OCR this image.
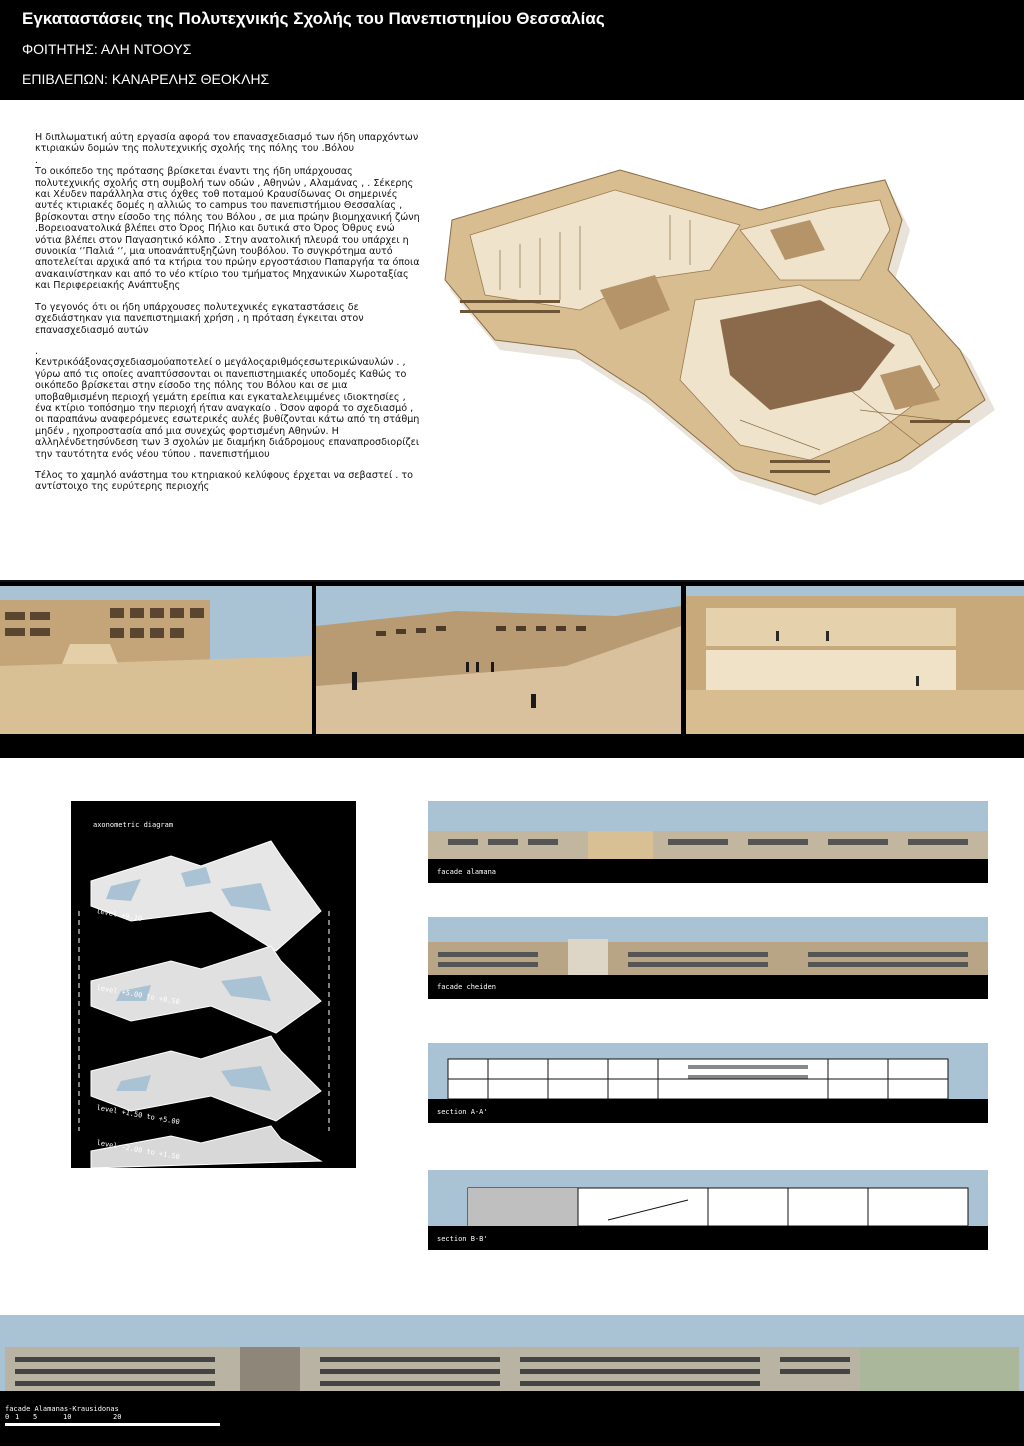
Εγκαταστάσεις της Πολυτεχνικής Σχολής του Πανεπιστημίου Θεσσαλίας
ΦΟΙΤΗΤΗΣ: ΑΛΗ ΝΤΟΟΥΣ
ΕΠΙΒΛΕΠΩΝ: ΚΑΝΑΡΕΛΗΣ ΘΕΟΚΛΗΣ

Η διπλωματική αύτη εργασία αφορά τον επανασχεδιασμό των ήδη υπαρχόντων κτιριακών δομών της πολυτεχνικής σχολής της πόλης του .Βόλου
.
Το οικόπεδο της πρότασης βρίσκεται έναντι της ήδη υπάρχουσας πολυτεχνικής σχολής στη συμβολή των οδών , Αθηνών , Αλαμάνας , . Σέκερης και Χέυδεν παράλληλα στις όχθες τοθ ποταμού Κραυσίδωνας Οι σημερινές αυτές κτιριακές δομές η αλλιώς το campus του πανεπιστήμιου Θεσσαλίας , βρίσκονται στην είσοδο της πόλης του Βόλου , σε μια πρώην βιομηχανική ζώνη .Βορειοανατολικά βλέπει στο Όρος Πήλιο και δυτικά στο Όρος Όθρυς ενώ νότια βλέπει στον Παγασητικό κόλπο . Στην ανατολική πλευρά του υπάρχει η συνοικία ‘’Παλιά ‘’, μια υποανάπτυξηζώνη τουβόλου. Το συγκρότημα αυτό αποτελείται αρχικά από τα κτήρια του πρώην εργοστάσιου Παπαργήα τα όποια ανακαινίστηκαν και από το νέο κτίριο του τμήματος Μηχανικών Χωροταξίας και Περιφερειακής Ανάπτυξης

Το γεγονός ότι οι ήδη υπάρχουσες πολυτεχνικές εγκαταστάσεις δε σχεδιάστηκαν για πανεπιστημιακή χρήση , η πρόταση έγκειται στον επανασχεδιασμό αυτών

.
Κεντρικόάξοναςσχεδιασμούαποτελεί ο μεγάλοςαριθμόςεσωτερικώναυλών . , γύρω από τις οποίες αναπτύσσονται οι πανεπιστημιακές υποδομές Καθώς το οικόπεδο βρίσκεται στην είσοδο της πόλης του Βόλου και σε μια υποβαθμισμένη περιοχή γεμάτη ερείπια και εγκαταλελειμμένες ιδιοκτησίες , ένα κτίριο τοπόσημο την περιοχή ήταν αναγκαίο . Όσον αφορά το σχεδιασμό , οι παραπάνω αναφερόμενες εσωτερικές αυλές βυθίζονται κάτω από τη στάθμη μηδέν , ηχοπροστασία από μια συνεχώς φορτισμένη Αθηνών. Η αλληλένδετησύνδεση των 3 σχολών με διαμήκη διάδρομους επαναπροσδιορίζει την ταυτότητα ενός νέου τύπου . πανεπιστήμιου

Τέλος το χαμηλό ανάστημα του κτηριακού κελύφους έρχεται να σεβαστεί . το αντίστοιχο της ευρύτερης περιοχής

axonometric diagram
level +9.10
level +5.00 to +8.50
level +1.50 to +5.00
level -2.00 to +1.50
facade alamana
facade cheiden
section A-A'
section B-B'
facade Alamanas-Krausidonas
0 1 5	10	20
